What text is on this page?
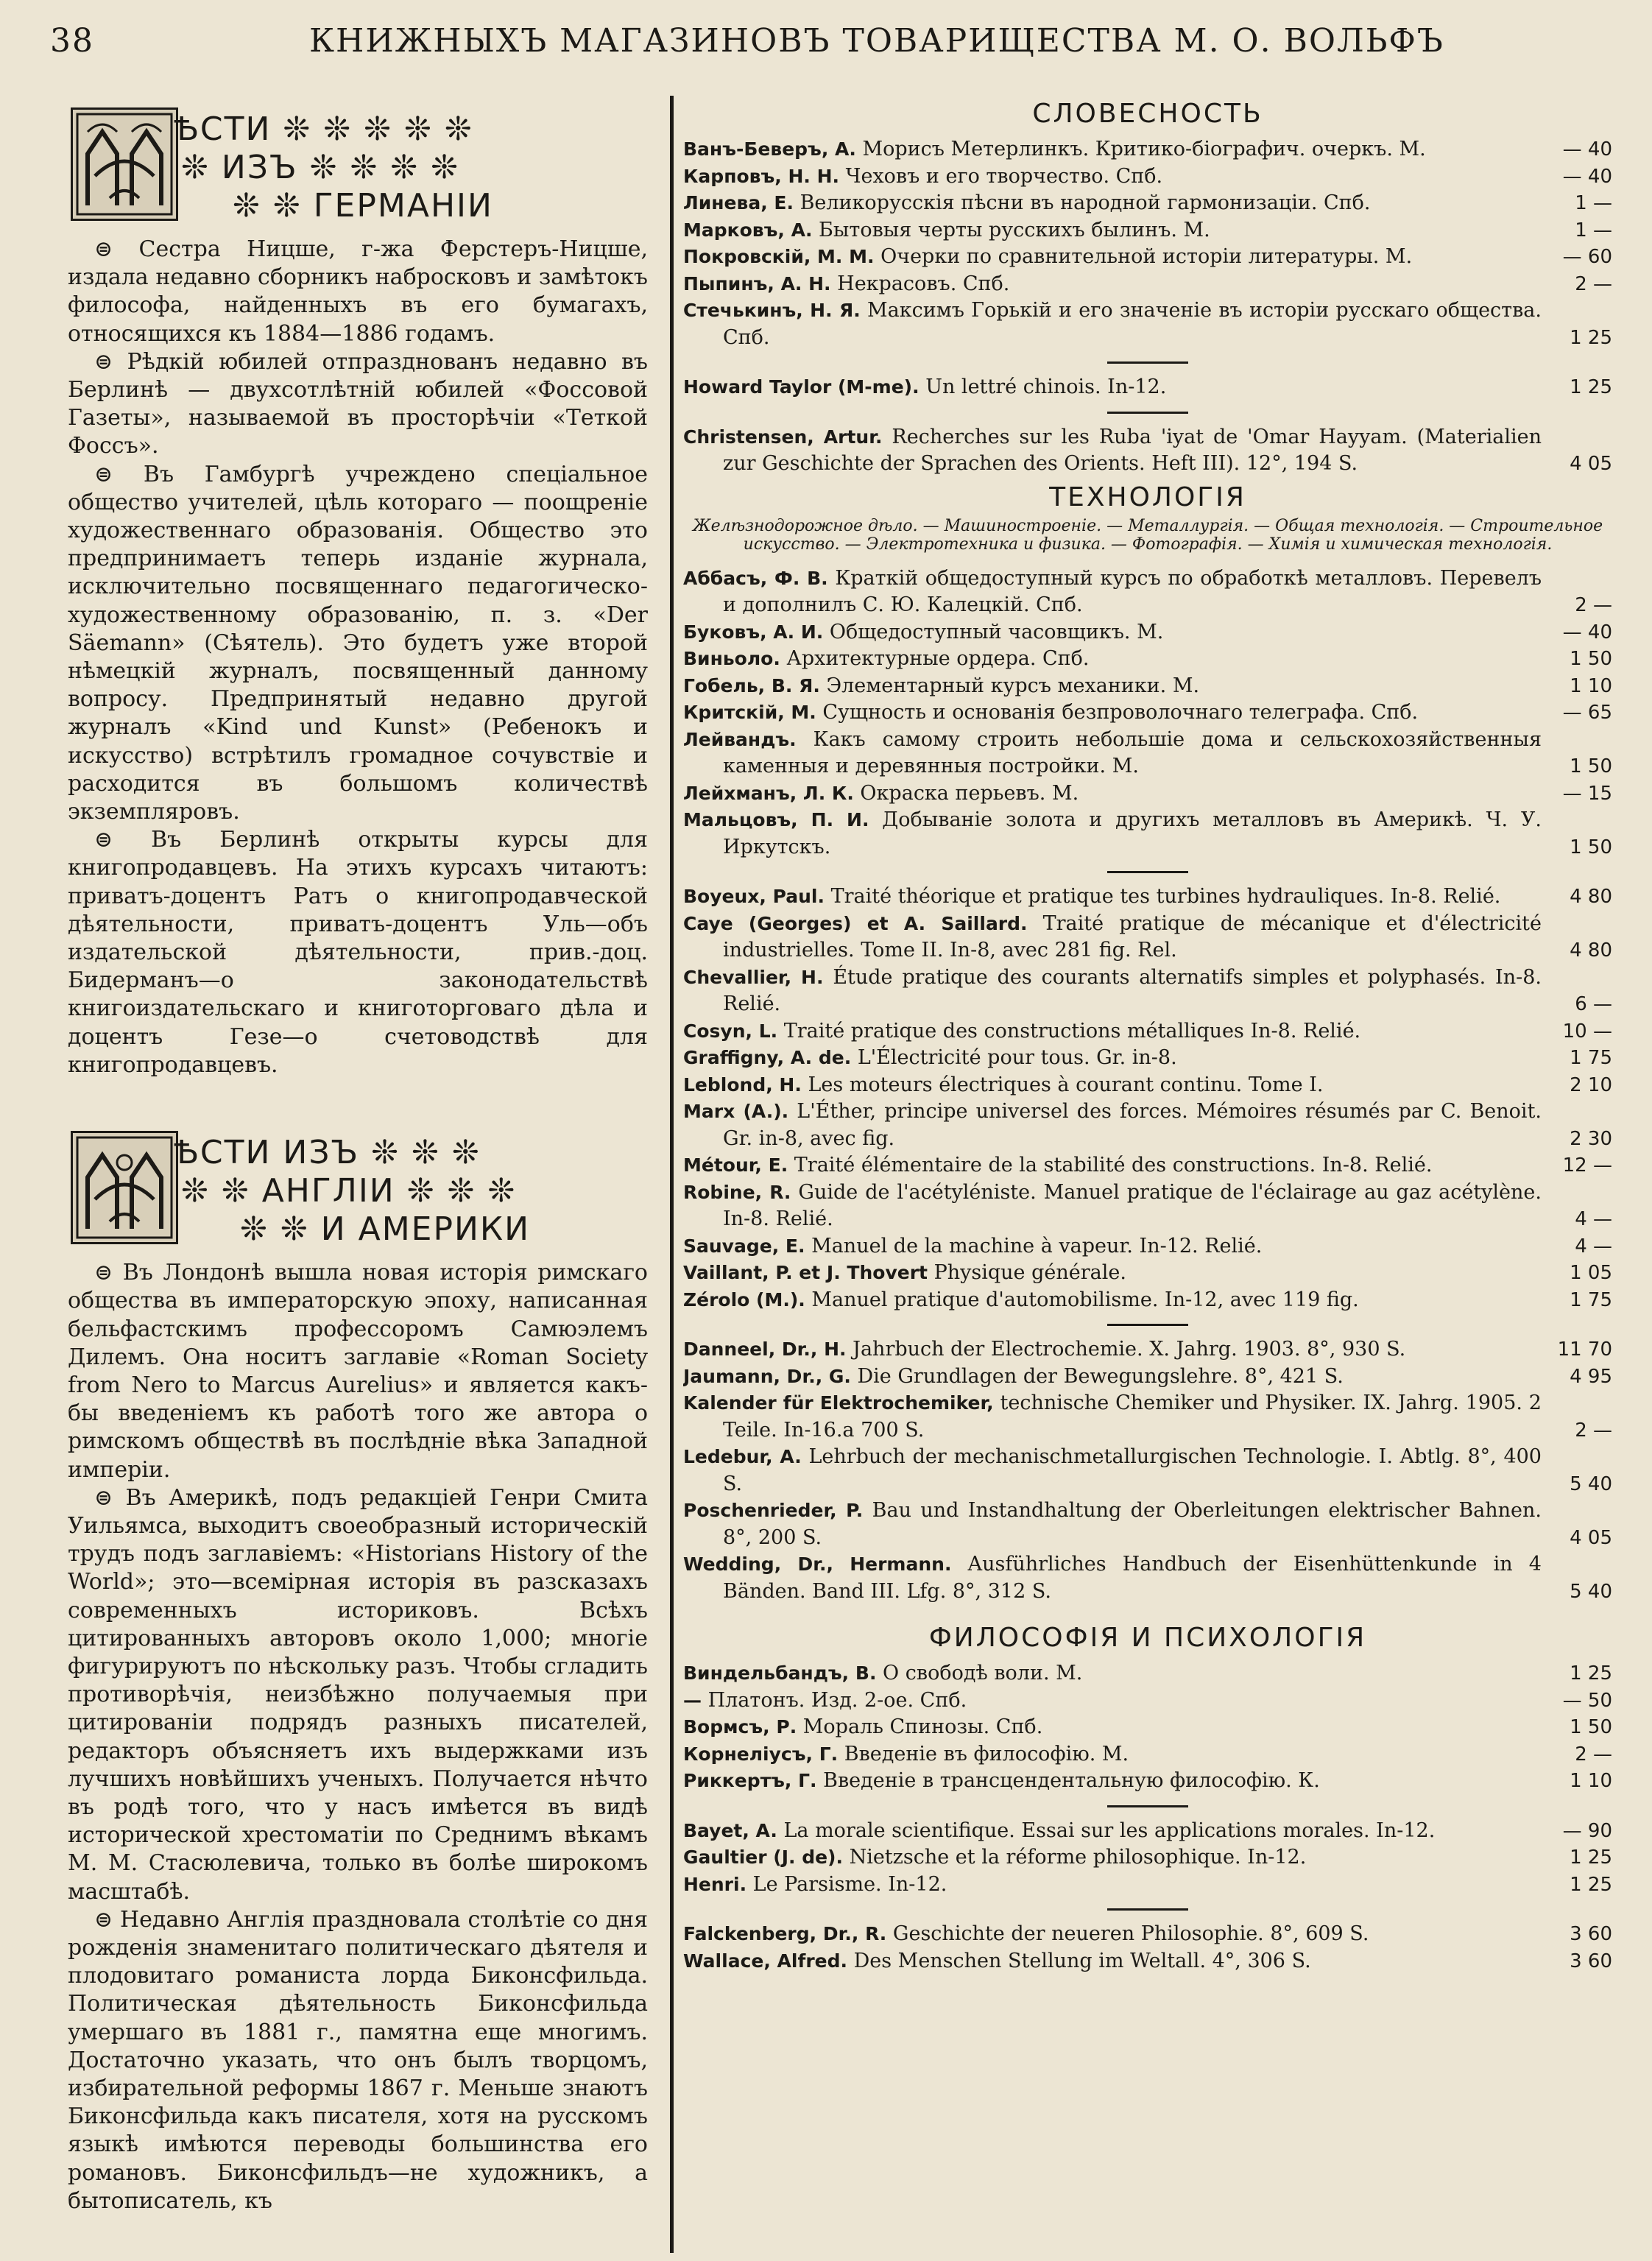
38	КНИЖНЫХЪ МАГАЗИНОВЪ ТОВАРИЩЕСТВА М. О. ВОЛЬФЪ
ѢСТИ ❊ ❊ ❊ ❊ ❊
❊ ИЗЪ ❊ ❊ ❊ ❊
❊ ❊ ГЕРМАНІИ

⊜ Сестра Ницше, г-жа Ферстеръ-Ницше, издала недавно сборникъ набросковъ и замѣтокъ философа, найденныхъ въ его бумагахъ, относящихся къ 1884—1886 годамъ.

⊜ Рѣдкій юбилей отпразднованъ недавно въ Берлинѣ — двухсотлѣтній юбилей «Фоссовой Газеты», называемой въ просторѣчіи «Теткой Фоссъ».

⊜ Въ Гамбургѣ учреждено спеціальное общество учителей, цѣль котораго — поощреніе художественнаго образованія. Общество это предпринимаетъ теперь изданіе журнала, исключительно посвященнаго педагогическо-художественному образованію, п. з. «Der Säemann» (Сѣятель). Это будетъ уже второй нѣмецкій журналъ, посвященный данному вопросу. Предпринятый недавно другой журналъ «Kind und Kunst» (Ребенокъ и искусство) встрѣтилъ громадное сочувствіе и расходится въ большомъ количествѣ экземпляровъ.

⊜ Въ Берлинѣ открыты курсы для книгопродавцевъ. На этихъ курсахъ читаютъ: приватъ-доцентъ Ратъ о книгопродавческой дѣятельности, приватъ-доцентъ Уль—объ издательской дѣятельности, прив.-доц. Бидерманъ—о законодательствѣ книгоиздательскаго и книготорговаго дѣла и доцентъ Гезе—о счетоводствѣ для книгопродавцевъ.

ѢСТИ ИЗЪ ❊ ❊ ❊
❊ ❊ АНГЛІИ ❊ ❊ ❊
❊ ❊ И АМЕРИКИ

⊜ Въ Лондонѣ вышла новая исторія римскаго общества въ императорскую эпоху, написанная бельфастскимъ профессоромъ Самюэлемъ Дилемъ. Она носитъ заглавіе «Roman Society from Nero to Marcus Aurelius» и является какъ-бы введеніемъ къ работѣ того же автора о римскомъ обществѣ въ послѣдніе вѣка Западной имперіи.

⊜ Въ Америкѣ, подъ редакціей Генри Смита Уильямса, выходитъ своеобразный историческій трудъ подъ заглавіемъ: «Historians History of the World»; это—всемірная исторія въ разсказахъ современныхъ историковъ. Всѣхъ цитированныхъ авторовъ около 1,000; многіе фигурируютъ по нѣскольку разъ. Чтобы сгладить противорѣчія, неизбѣжно получаемыя при цитированіи подрядъ разныхъ писателей, редакторъ объясняетъ ихъ выдержками изъ лучшихъ новѣйшихъ ученыхъ. Получается нѣчто въ родѣ того, что у насъ имѣется въ видѣ исторической хрестоматіи по Среднимъ вѣкамъ М. М. Стасюлевича, только въ болѣе широкомъ масштабѣ.

⊜ Недавно Англія праздновала столѣтіе со дня рожденія знаменитаго политическаго дѣятеля и плодовитаго романиста лорда Биконсфильда. Политическая дѣятельность Биконсфильда умершаго въ 1881 г., памятна еще многимъ. Достаточно указать, что онъ былъ творцомъ, избирательной реформы 1867 г. Меньше знаютъ Биконсфильда какъ писателя, хотя на русскомъ языкѣ имѣются переводы большинства его романовъ. Биконсфильдъ—не художникъ, а бытописатель, къ

СЛОВЕСНОСТЬ
Ванъ-Беверъ, А. Морисъ Метерлинкъ. Критико-біографич. очеркъ. М.	— 40
Карповъ, Н. Н. Чеховъ и его творчество. Спб.	— 40
Линева, Е. Великорусскія пѣсни въ народной гармонизаціи. Спб.	1 —
Марковъ, А. Бытовыя черты русскихъ былинъ. М.	1 —
Покровскій, М. М. Очерки по сравнительной исторіи литературы. М.	— 60
Пыпинъ, А. Н. Некрасовъ. Спб.	2 —
Стечькинъ, Н. Я. Максимъ Горькій и его значеніе въ исторіи русскаго общества. Спб.	1 25
Howard Taylor (M-me). Un lettré chinois. In-12.	1 25
Christensen, Artur. Recherches sur les Ruba 'iyat de 'Omar Hayyam. (Materialien zur Geschichte der Sprachen des Orients. Heft III). 12°, 194 S.	4 05
ТЕХНОЛОГІЯ
Желѣзнодорожное дѣло. — Машиностроеніе. — Металлургія. — Общая технологія. — Строительное искусство. — Электротехника и физика. — Фотографія. — Химія и химическая технологія.
Аббасъ, Ф. В. Краткій общедоступный курсъ по обработкѣ металловъ. Перевелъ и дополнилъ С. Ю. Калецкій. Спб.	2 —
Буковъ, А. И. Общедоступный часовщикъ. М.	— 40
Виньоло. Архитектурные ордера. Спб.	1 50
Гобель, В. Я. Элементарный курсъ механики. М.	1 10
Критскій, М. Сущность и основанія безпроволочнаго телеграфа. Спб.	— 65
Лейвандъ. Какъ самому строить небольшіе дома и сельскохозяйственныя каменныя и деревянныя постройки. М.	1 50
Лейхманъ, Л. К. Окраска перьевъ. М.	— 15
Мальцовъ, П. И. Добываніе золота и другихъ металловъ въ Америкѣ. Ч. У. Иркутскъ.	1 50
Boyeux, Paul. Traité théorique et pratique tes turbines hydrauliques. In-8. Relié.	4 80
Caye (Georges) et A. Saillard. Traité pratique de mécanique et d'électricité industrielles. Tome II. In-8, avec 281 fig. Rel.	4 80
Chevallier, H. Étude pratique des courants alternatifs simples et polyphasés. In-8. Relié.	6 —
Cosyn, L. Traité pratique des constructions métalliques In-8. Relié.	10 —
Graffigny, A. de. L'Électricité pour tous. Gr. in-8.	1 75
Leblond, H. Les moteurs électriques à courant continu. Tome I.	2 10
Marx (A.). L'Éther, principe universel des forces. Mémoires résumés par C. Benoit. Gr. in-8, avec fig.	2 30
Métour, E. Traité élémentaire de la stabilité des constructions. In-8. Relié.	12 —
Robine, R. Guide de l'acétyléniste. Manuel pratique de l'éclairage au gaz acétylène. In-8. Relié.	4 —
Sauvage, E. Manuel de la machine à vapeur. In-12. Relié.	4 —
Vaillant, P. et J. Thovert Physique générale.	1 05
Zérolo (M.). Manuel pratique d'automobilisme. In-12, avec 119 fig.	1 75
Danneel, Dr., H. Jahrbuch der Electrochemie. X. Jahrg. 1903. 8°, 930 S.	11 70
Jaumann, Dr., G. Die Grundlagen der Bewegungslehre. 8°, 421 S.	4 95
Kalender für Elektrochemiker, technische Chemiker und Physiker. IX. Jahrg. 1905. 2 Teile. In-16.a 700 S.	2 —
Ledebur, A. Lehrbuch der mechanischmetallurgischen Technologie. I. Abtlg. 8°, 400 S.	5 40
Poschenrieder, P. Bau und Instandhaltung der Oberleitungen elektrischer Bahnen. 8°, 200 S.	4 05
Wedding, Dr., Hermann. Ausführliches Handbuch der Eisenhüttenkunde in 4 Bänden. Band III. Lfg. 8°, 312 S.	5 40
ФИЛОСОФІЯ И ПСИХОЛОГІЯ
Виндельбандъ, В. О свободѣ воли. М.	1 25
— Платонъ. Изд. 2-ое. Спб.	— 50
Вормсъ, Р. Мораль Спинозы. Спб.	1 50
Корнелiусъ, Г. Введеніе въ философію. М.	2 —
Риккертъ, Г. Введеніе в трансцендентальную философію. К.	1 10
Bayet, A. La morale scientifique. Essai sur les applications morales. In-12.	— 90
Gaultier (J. de). Nietzsche et la réforme philosophique. In-12.	1 25
Henri. Le Parsisme. In-12.	1 25
Falckenberg, Dr., R. Geschichte der neueren Philosophie. 8°, 609 S.	3 60
Wallace, Alfred. Des Menschen Stellung im Weltall. 4°, 306 S.	3 60
